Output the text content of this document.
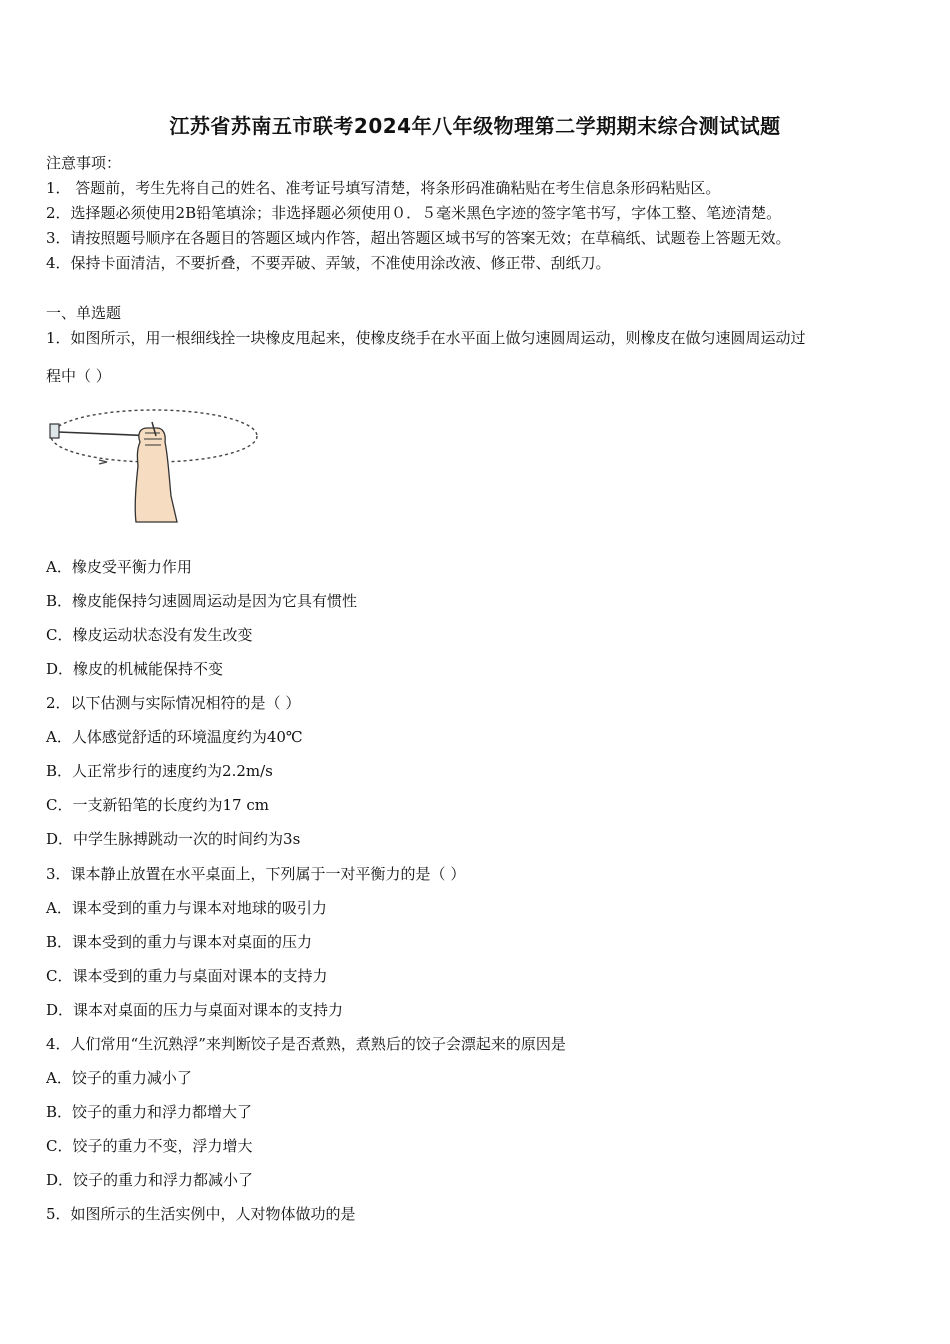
江苏省苏南五市联考2024年八年级物理第二学期期末综合测试试题
注意事项：
1． 答题前，考生先将自己的姓名、准考证号填写清楚，将条形码准确粘贴在考生信息条形码粘贴区。
2．选择题必须使用2B铅笔填涂；非选择题必须使用０．５毫米黑色字迹的签字笔书写，字体工整、笔迹清楚。
3．请按照题号顺序在各题目的答题区域内作答，超出答题区域书写的答案无效；在草稿纸、试题卷上答题无效。
4．保持卡面清洁，不要折叠，不要弄破、弄皱，不准使用涂改液、修正带、刮纸刀。
一、单选题
1．如图所示，用一根细线拴一块橡皮甩起来，使橡皮绕手在水平面上做匀速圆周运动，则橡皮在做匀速圆周运动过
程中（ ）
A．橡皮受平衡力作用
B．橡皮能保持匀速圆周运动是因为它具有惯性
C．橡皮运动状态没有发生改变
D．橡皮的机械能保持不变
2．以下估测与实际情况相符的是（ ）
A．人体感觉舒适的环境温度约为40℃
B．人正常步行的速度约为2.2m/s
C．一支新铅笔的长度约为17 cm
D．中学生脉搏跳动一次的时间约为3s
3．课本静止放置在水平桌面上，下列属于一对平衡力的是（ ）
A．课本受到的重力与课本对地球的吸引力
B．课本受到的重力与课本对桌面的压力
C．课本受到的重力与桌面对课本的支持力
D．课本对桌面的压力与桌面对课本的支持力
4．人们常用“生沉熟浮”来判断饺子是否煮熟，煮熟后的饺子会漂起来的原因是
A．饺子的重力减小了
B．饺子的重力和浮力都增大了
C．饺子的重力不变，浮力增大
D．饺子的重力和浮力都减小了
5．如图所示的生活实例中，人对物体做功的是
